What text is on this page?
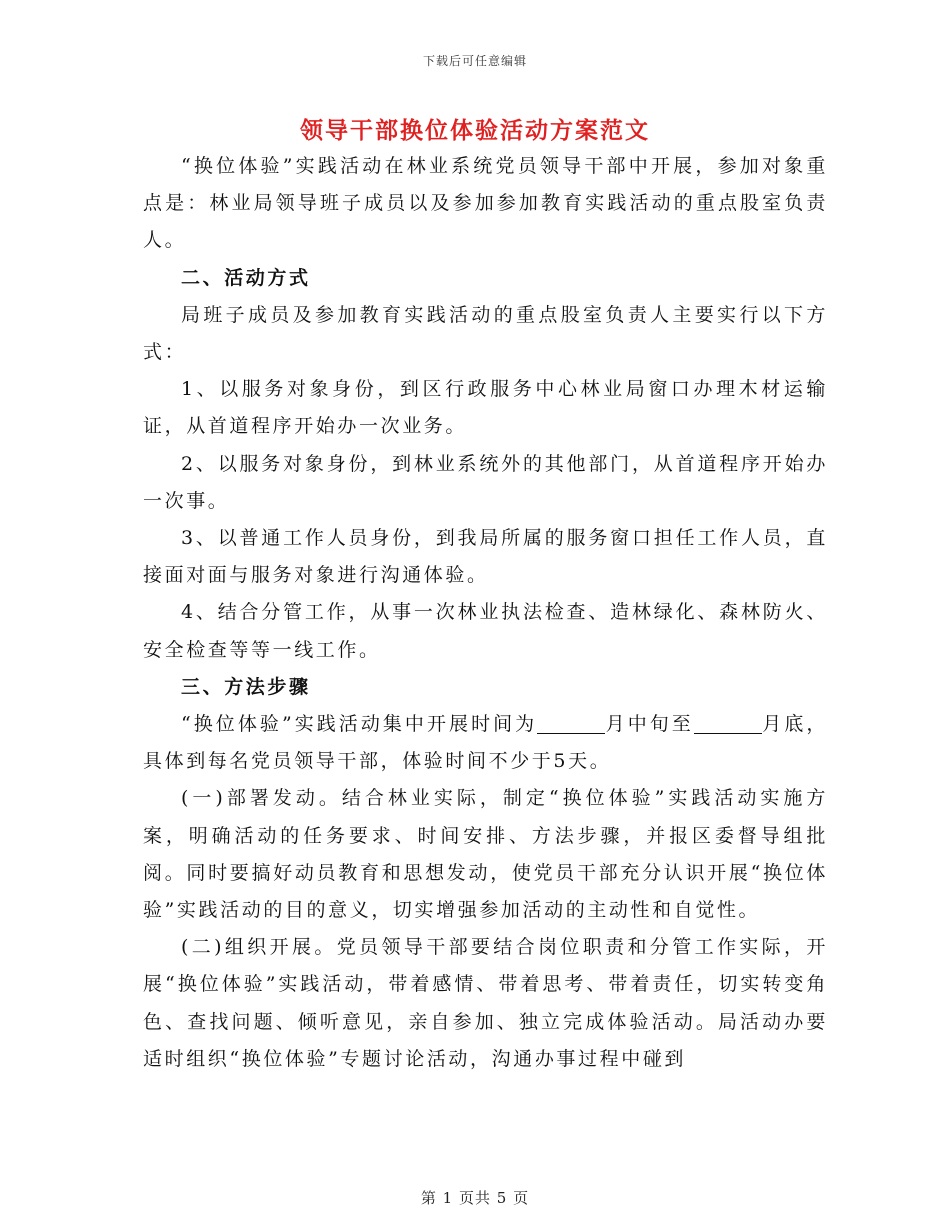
下载后可任意编辑
领导干部换位体验活动方案范文

“换位体验”实践活动在林业系统党员领导干部中开展，参加对象重点是：林业局领导班子成员以及参加参加教育实践活动的重点股室负责人。

二、活动方式

局班子成员及参加教育实践活动的重点股室负责人主要实行以下方式：

1、以服务对象身份，到区行政服务中心林业局窗口办理木材运输证，从首道程序开始办一次业务。

2、以服务对象身份，到林业系统外的其他部门，从首道程序开始办一次事。

3、以普通工作人员身份，到我局所属的服务窗口担任工作人员，直接面对面与服务对象进行沟通体验。

4、结合分管工作，从事一次林业执法检查、造林绿化、森林防火、安全检查等等一线工作。

三、方法步骤

“换位体验”实践活动集中开展时间为	月中旬至	月底，具体到每名党员领导干部，体验时间不少于5天。

(一)部署发动。结合林业实际，制定“换位体验”实践活动实施方案，明确活动的任务要求、时间安排、方法步骤，并报区委督导组批阅。同时要搞好动员教育和思想发动，使党员干部充分认识开展“换位体验”实践活动的目的意义，切实增强参加活动的主动性和自觉性。

(二)组织开展。党员领导干部要结合岗位职责和分管工作实际，开展“换位体验”实践活动，带着感情、带着思考、带着责任，切实转变角色、查找问题、倾听意见，亲自参加、独立完成体验活动。局活动办要适时组织“换位体验”专题讨论活动，沟通办事过程中碰到

第 1 页共 5 页
